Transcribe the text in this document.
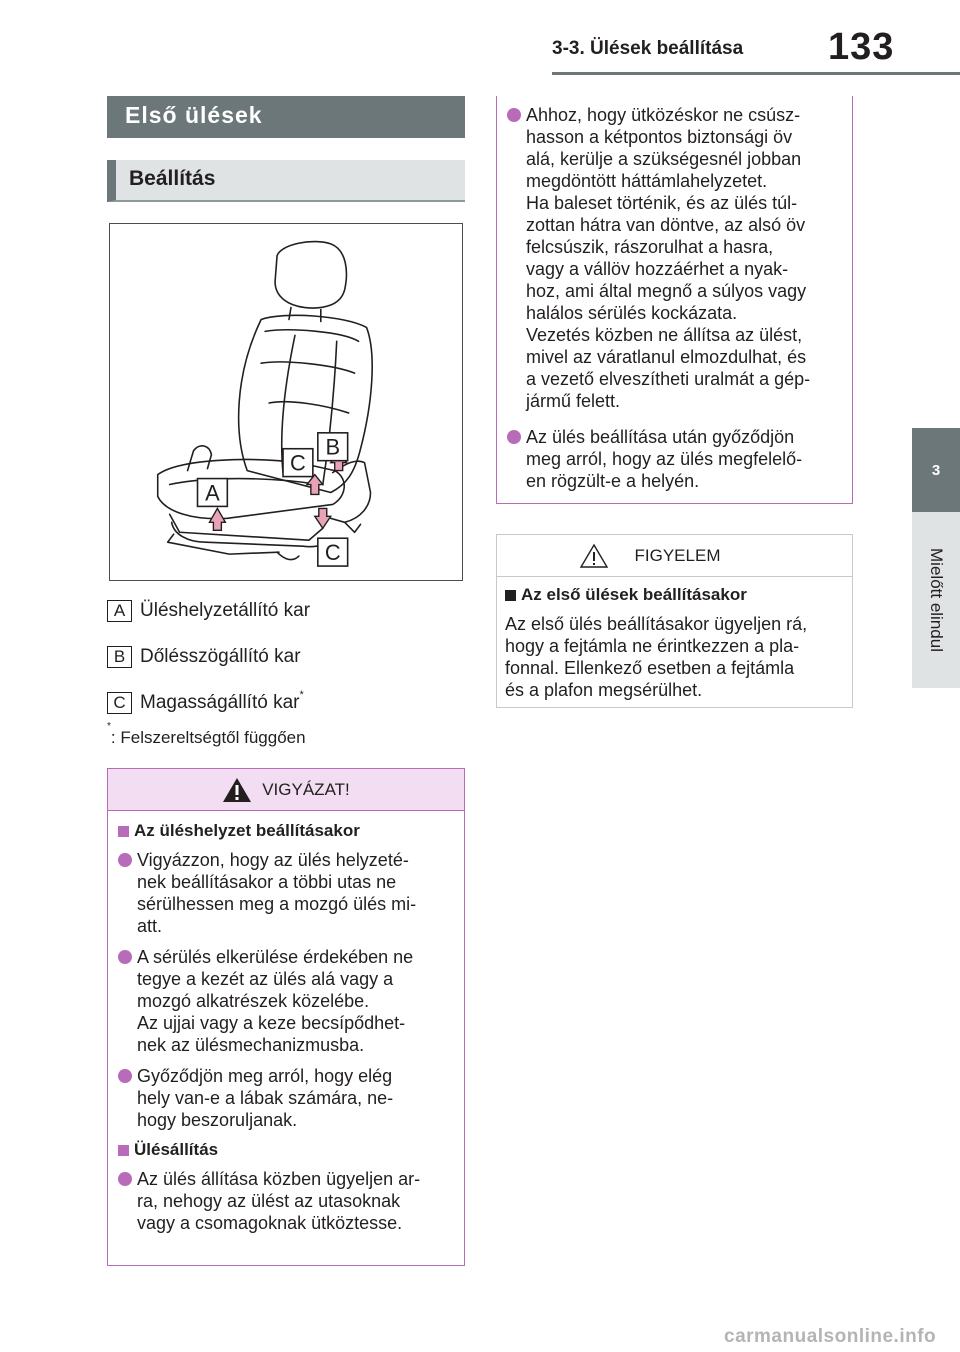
3-3. Ülések beállítása 133
3
Mielőtt elindul
Első ülések
Beállítás
A
B
C
C
A Üléshelyzetállító kar
B Dőlésszögállító kar
C Magasságállító kar*
*: Felszereltségtől függően
VIGYÁZAT!
Az üléshelyzet beállításakor
Vigyázzon, hogy az ülés helyzeté-
nek beállításakor a többi utas ne
sérülhessen meg a mozgó ülés mi-
att.
A sérülés elkerülése érdekében ne
tegye a kezét az ülés alá vagy a
mozgó alkatrészek közelébe.
Az ujjai vagy a keze becsípődhet-
nek az ülésmechanizmusba.
Győződjön meg arról, hogy elég
hely van-e a lábak számára, ne-
hogy beszoruljanak.
Ülésállítás
Az ülés állítása közben ügyeljen ar-
ra, nehogy az ülést az utasoknak
vagy a csomagoknak ütköztesse.
Ahhoz, hogy ütközéskor ne csúsz-
hasson a kétpontos biztonsági öv
alá, kerülje a szükségesnél jobban
megdöntött háttámlahelyzetet.
Ha baleset történik, és az ülés túl-
zottan hátra van döntve, az alsó öv
felcsúszik, rászorulhat a hasra,
vagy a vállöv hozzáérhet a nyak-
hoz, ami által megnő a súlyos vagy
halálos sérülés kockázata.
Vezetés közben ne állítsa az ülést,
mivel az váratlanul elmozdulhat, és
a vezető elveszítheti uralmát a gép-
jármű felett.
Az ülés beállítása után győződjön
meg arról, hogy az ülés megfelelő-
en rögzült-e a helyén.
FIGYELEM
Az első ülések beállításakor
Az első ülés beállításakor ügyeljen rá,
hogy a fejtámla ne érintkezzen a pla-
fonnal. Ellenkező esetben a fejtámla
és a plafon megsérülhet.
carmanualsonline.info
